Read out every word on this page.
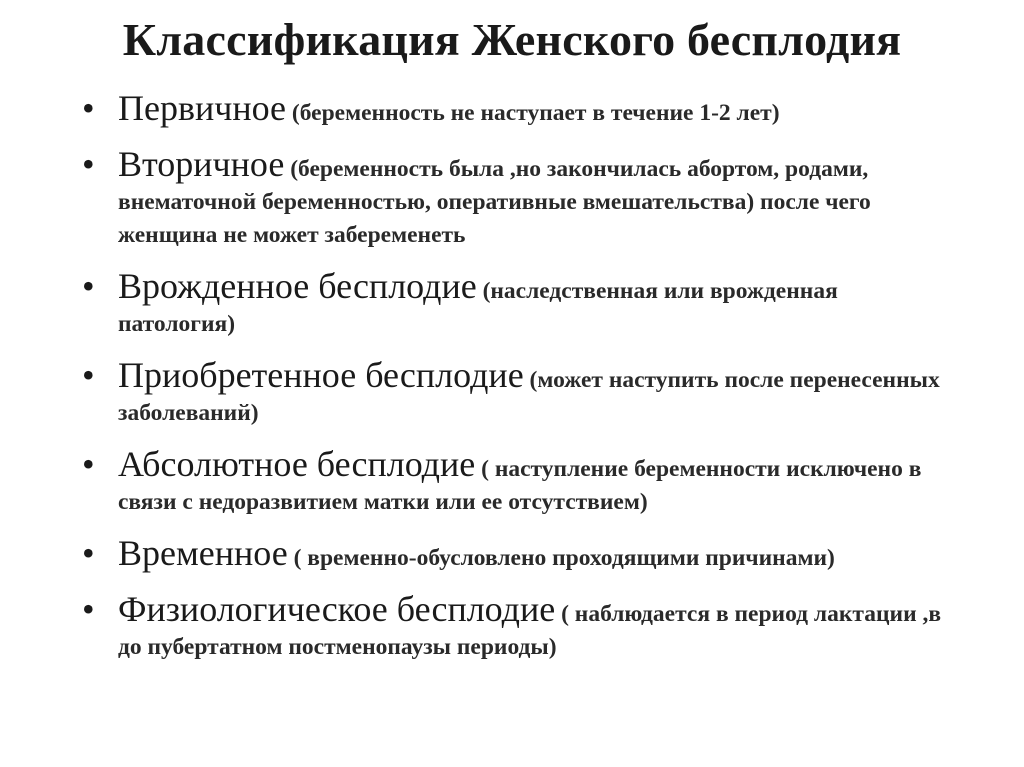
Классификация Женского бесплодия
• Первичное (беременность не наступает в течение 1-2 лет)
• Вторичное (беременность была ,но закончилась абортом, родами, внематочной беременностью, оперативные вмешательства) после чего женщина не может забеременеть
• Врожденное бесплодие (наследственная или врожденная патология)
• Приобретенное бесплодие (может наступить после перенесенных заболеваний)
• Абсолютное бесплодие ( наступление беременности исключено в связи с недоразвитием матки или ее отсутствием)
• Временное ( временно-обусловлено проходящими причинами)
• Физиологическое бесплодие ( наблюдается в период лактации ,в до пубертатном постменопаузы периоды)
